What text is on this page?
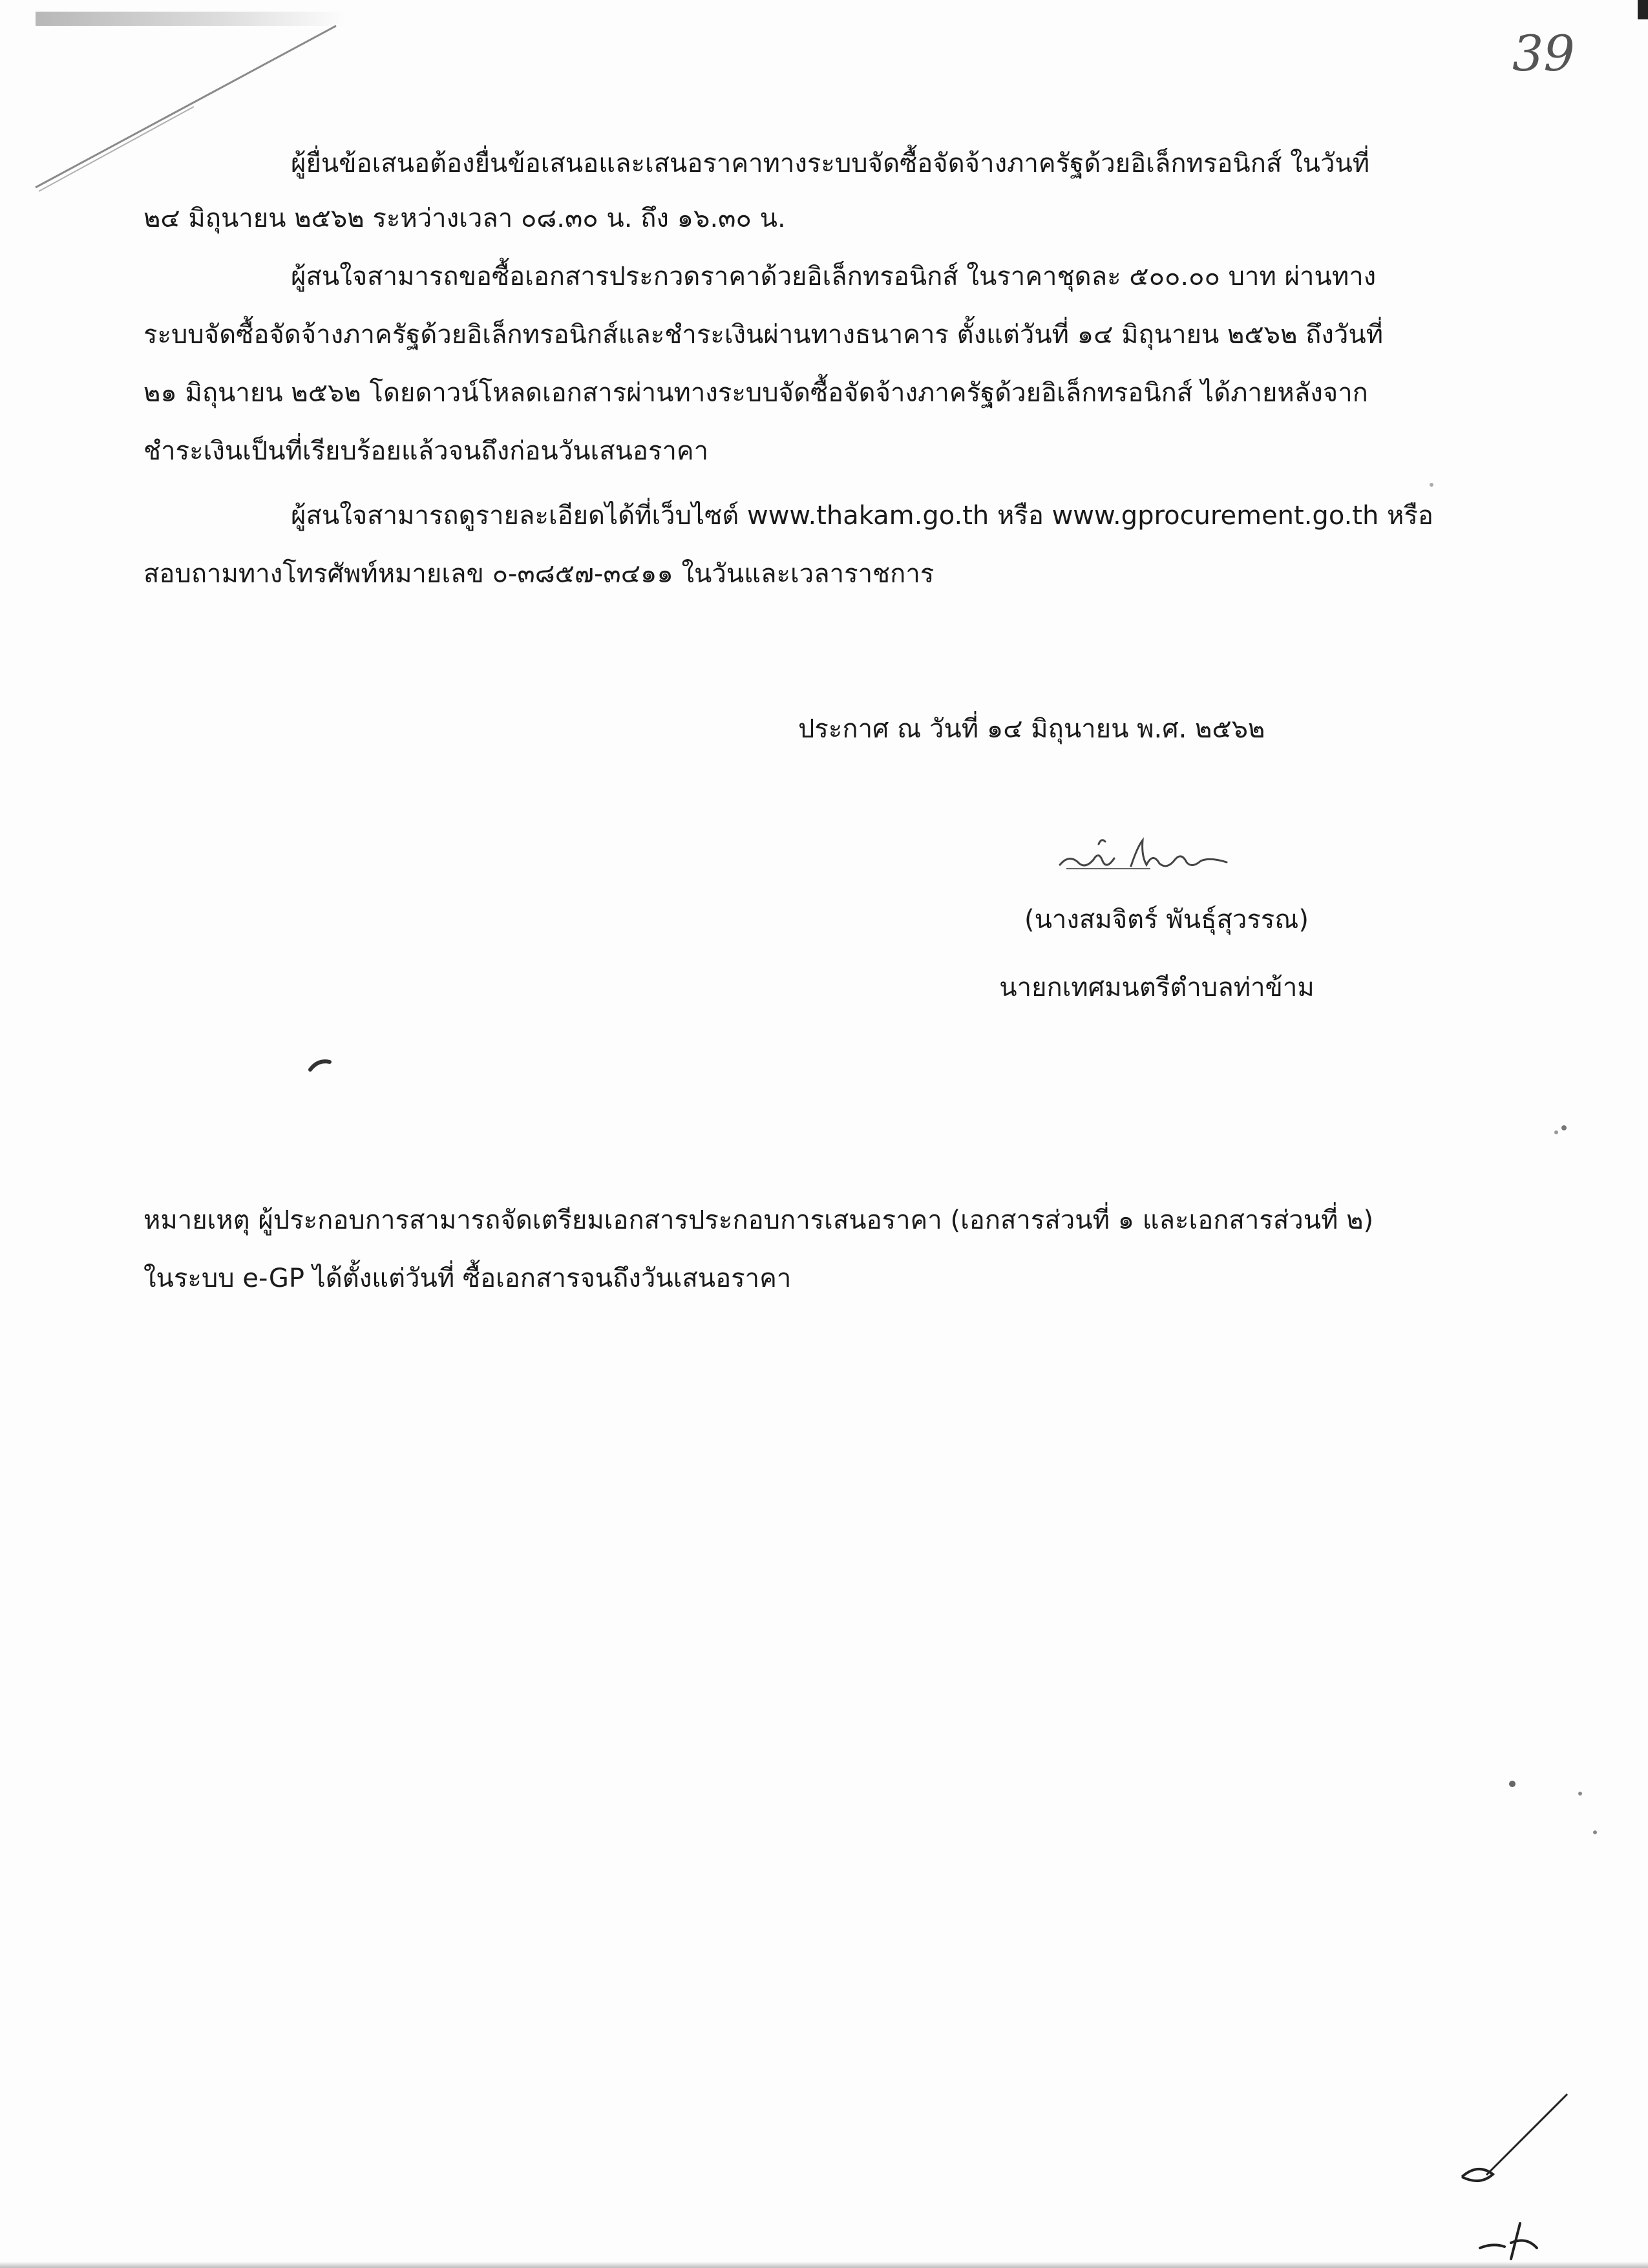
39
ผู้ยื่นข้อเสนอต้องยื่นข้อเสนอและเสนอราคาทางระบบจัดซื้อจัดจ้างภาครัฐด้วยอิเล็กทรอนิกส์ ในวันที่
๒๔ มิถุนายน ๒๕๖๒ ระหว่างเวลา ๐๘.๓๐ น. ถึง ๑๖.๓๐ น.
ผู้สนใจสามารถขอซื้อเอกสารประกวดราคาด้วยอิเล็กทรอนิกส์ ในราคาชุดละ ๕๐๐.๐๐ บาท ผ่านทาง
ระบบจัดซื้อจัดจ้างภาครัฐด้วยอิเล็กทรอนิกส์และชำระเงินผ่านทางธนาคาร ตั้งแต่วันที่ ๑๔ มิถุนายน ๒๕๖๒ ถึงวันที่
๒๑ มิถุนายน ๒๕๖๒ โดยดาวน์โหลดเอกสารผ่านทางระบบจัดซื้อจัดจ้างภาครัฐด้วยอิเล็กทรอนิกส์ ได้ภายหลังจาก
ชำระเงินเป็นที่เรียบร้อยแล้วจนถึงก่อนวันเสนอราคา
ผู้สนใจสามารถดูรายละเอียดได้ที่เว็บไซต์ www.thakam.go.th หรือ www.gprocurement.go.th หรือ
สอบถามทางโทรศัพท์หมายเลข ๐-๓๘๕๗-๓๔๑๑ ในวันและเวลาราชการ
ประกาศ ณ วันที่ ๑๔ มิถุนายน พ.ศ. ๒๕๖๒
(นางสมจิตร์ พันธุ์สุวรรณ)
นายกเทศมนตรีตำบลท่าข้าม
หมายเหตุ ผู้ประกอบการสามารถจัดเตรียมเอกสารประกอบการเสนอราคา (เอกสารส่วนที่ ๑ และเอกสารส่วนที่ ๒)
ในระบบ e-GP ได้ตั้งแต่วันที่ ซื้อเอกสารจนถึงวันเสนอราคา
